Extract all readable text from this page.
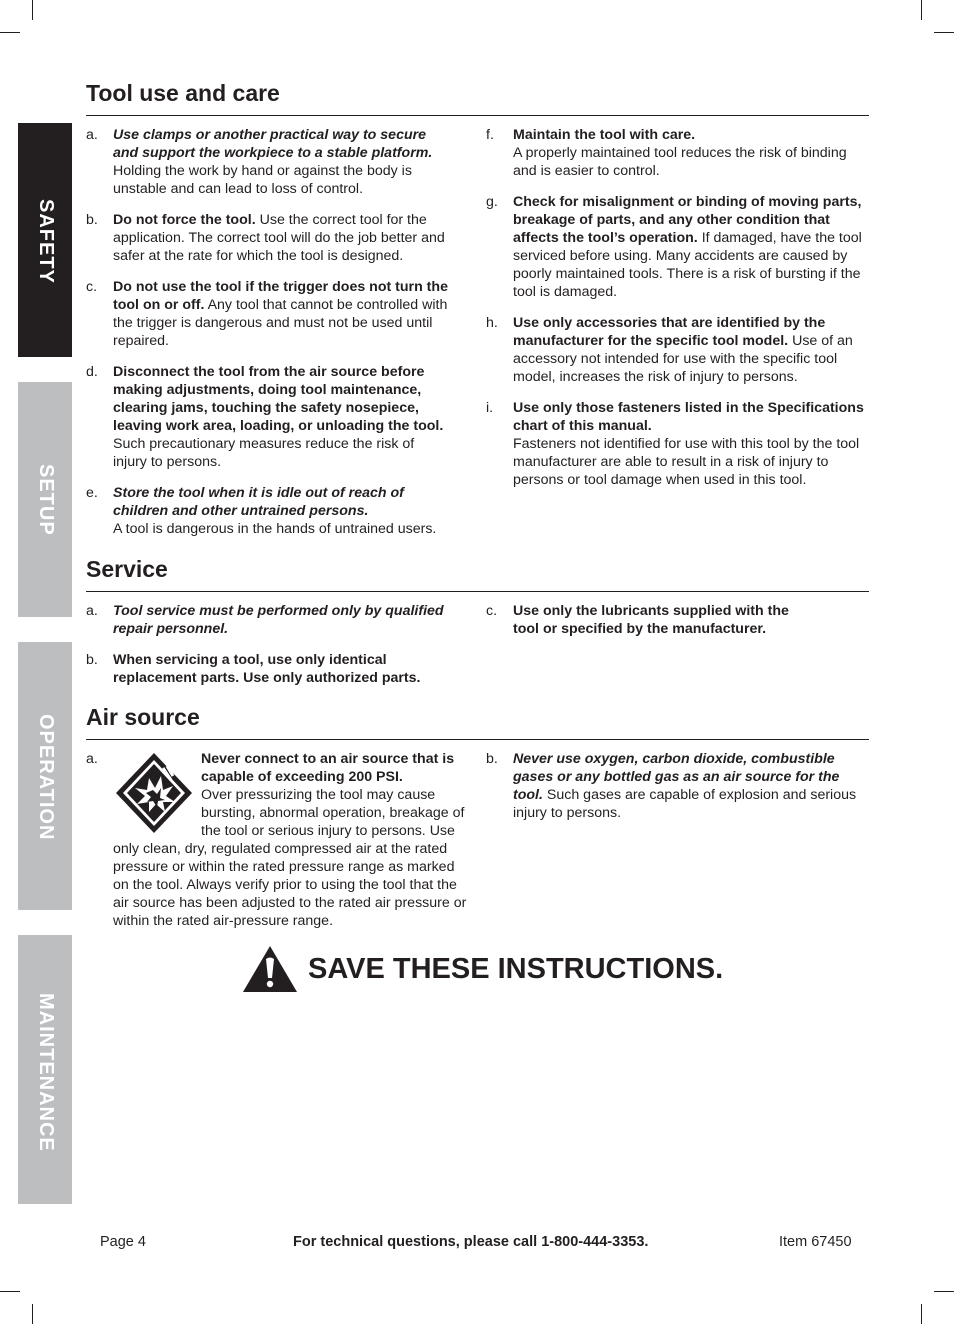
SAFETY
SETUP
OPERATION
MAINTENANCE
Tool use and care
a. Use clamps or another practical way to secure and support the workpiece to a stable platform.
Holding the work by hand or against the body is unstable and can lead to loss of control.
b. Do not force the tool. Use the correct tool for the application. The correct tool will do the job better and safer at the rate for which the tool is designed.
c. Do not use the tool if the trigger does not turn the tool on or off. Any tool that cannot be controlled with the trigger is dangerous and must not be used until repaired.
d. Disconnect the tool from the air source before making adjustments, doing tool maintenance, clearing jams, touching the safety nosepiece, leaving work area, loading, or unloading the tool. Such precautionary measures reduce the risk of injury to persons.
e. Store the tool when it is idle out of reach of children and other untrained persons.
A tool is dangerous in the hands of untrained users.
f. Maintain the tool with care.
A properly maintained tool reduces the risk of binding and is easier to control.
g. Check for misalignment or binding of moving parts, breakage of parts, and any other condition that affects the tool’s operation. If damaged, have the tool serviced before using. Many accidents are caused by poorly maintained tools. There is a risk of bursting if the tool is damaged.
h. Use only accessories that are identified by the manufacturer for the specific tool model. Use of an accessory not intended for use with the specific tool model, increases the risk of injury to persons.
i. Use only those fasteners listed in the Specifications chart of this manual.
Fasteners not identified for use with this tool by the tool manufacturer are able to result in a risk of injury to persons or tool damage when used in this tool.
Service
a. Tool service must be performed only by qualified repair personnel.
b. When servicing a tool, use only identical replacement parts. Use only authorized parts.
c. Use only the lubricants supplied with the tool or specified by the manufacturer.
Air source
a.	Never connect to an air source that is capable of exceeding 200 PSI.
Over pressurizing the tool may cause bursting, abnormal operation, breakage of the tool or serious injury to persons. Use only clean, dry, regulated compressed air at the rated pressure or within the rated pressure range as marked on the tool. Always verify prior to using the tool that the air source has been adjusted to the rated air pressure or within the rated air-pressure range.
b. Never use oxygen, carbon dioxide, combustible gases or any bottled gas as an air source for the tool. Such gases are capable of explosion and serious injury to persons.
SAVE THESE INSTRUCTIONS.
Page 4	For technical questions, please call 1-800-444-3353.	Item 67450
